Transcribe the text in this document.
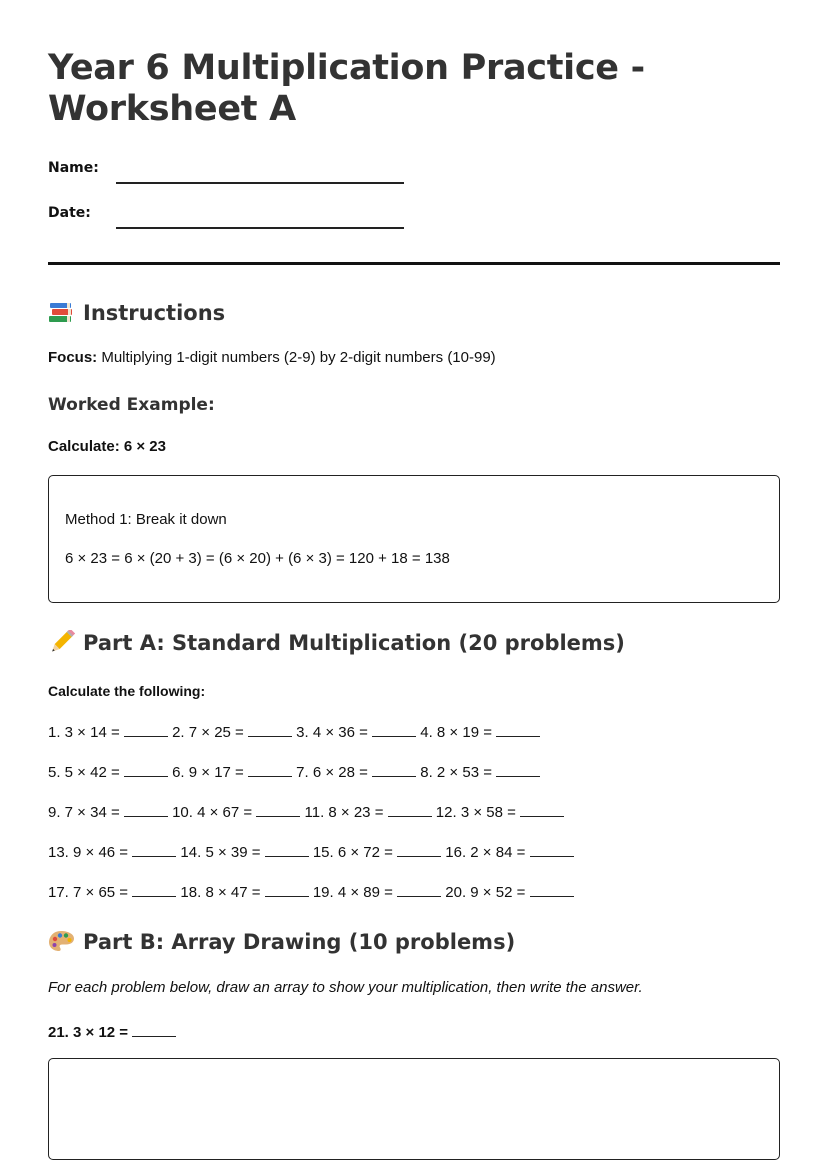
Year 6 Multiplication Practice - Worksheet A
Name:
Date:
Instructions
Focus: Multiplying 1-digit numbers (2-9) by 2-digit numbers (10-99)
Worked Example:
Calculate: 6 × 23
Method 1: Break it down
6 × 23 = 6 × (20 + 3) = (6 × 20) + (6 × 3) = 120 + 18 = 138
Part A: Standard Multiplication (20 problems)
Calculate the following:
1. 3 × 14 =	2. 7 × 25 =	3. 4 × 36 =	4. 8 × 19 =
5. 5 × 42 =	6. 9 × 17 =	7. 6 × 28 =	8. 2 × 53 =
9. 7 × 34 =	10. 4 × 67 =	11. 8 × 23 =	12. 3 × 58 =
13. 9 × 46 =	14. 5 × 39 =	15. 6 × 72 =	16. 2 × 84 =
17. 7 × 65 =	18. 8 × 47 =	19. 4 × 89 =	20. 9 × 52 =
Part B: Array Drawing (10 problems)
For each problem below, draw an array to show your multiplication, then write the answer.
21. 3 × 12 =
